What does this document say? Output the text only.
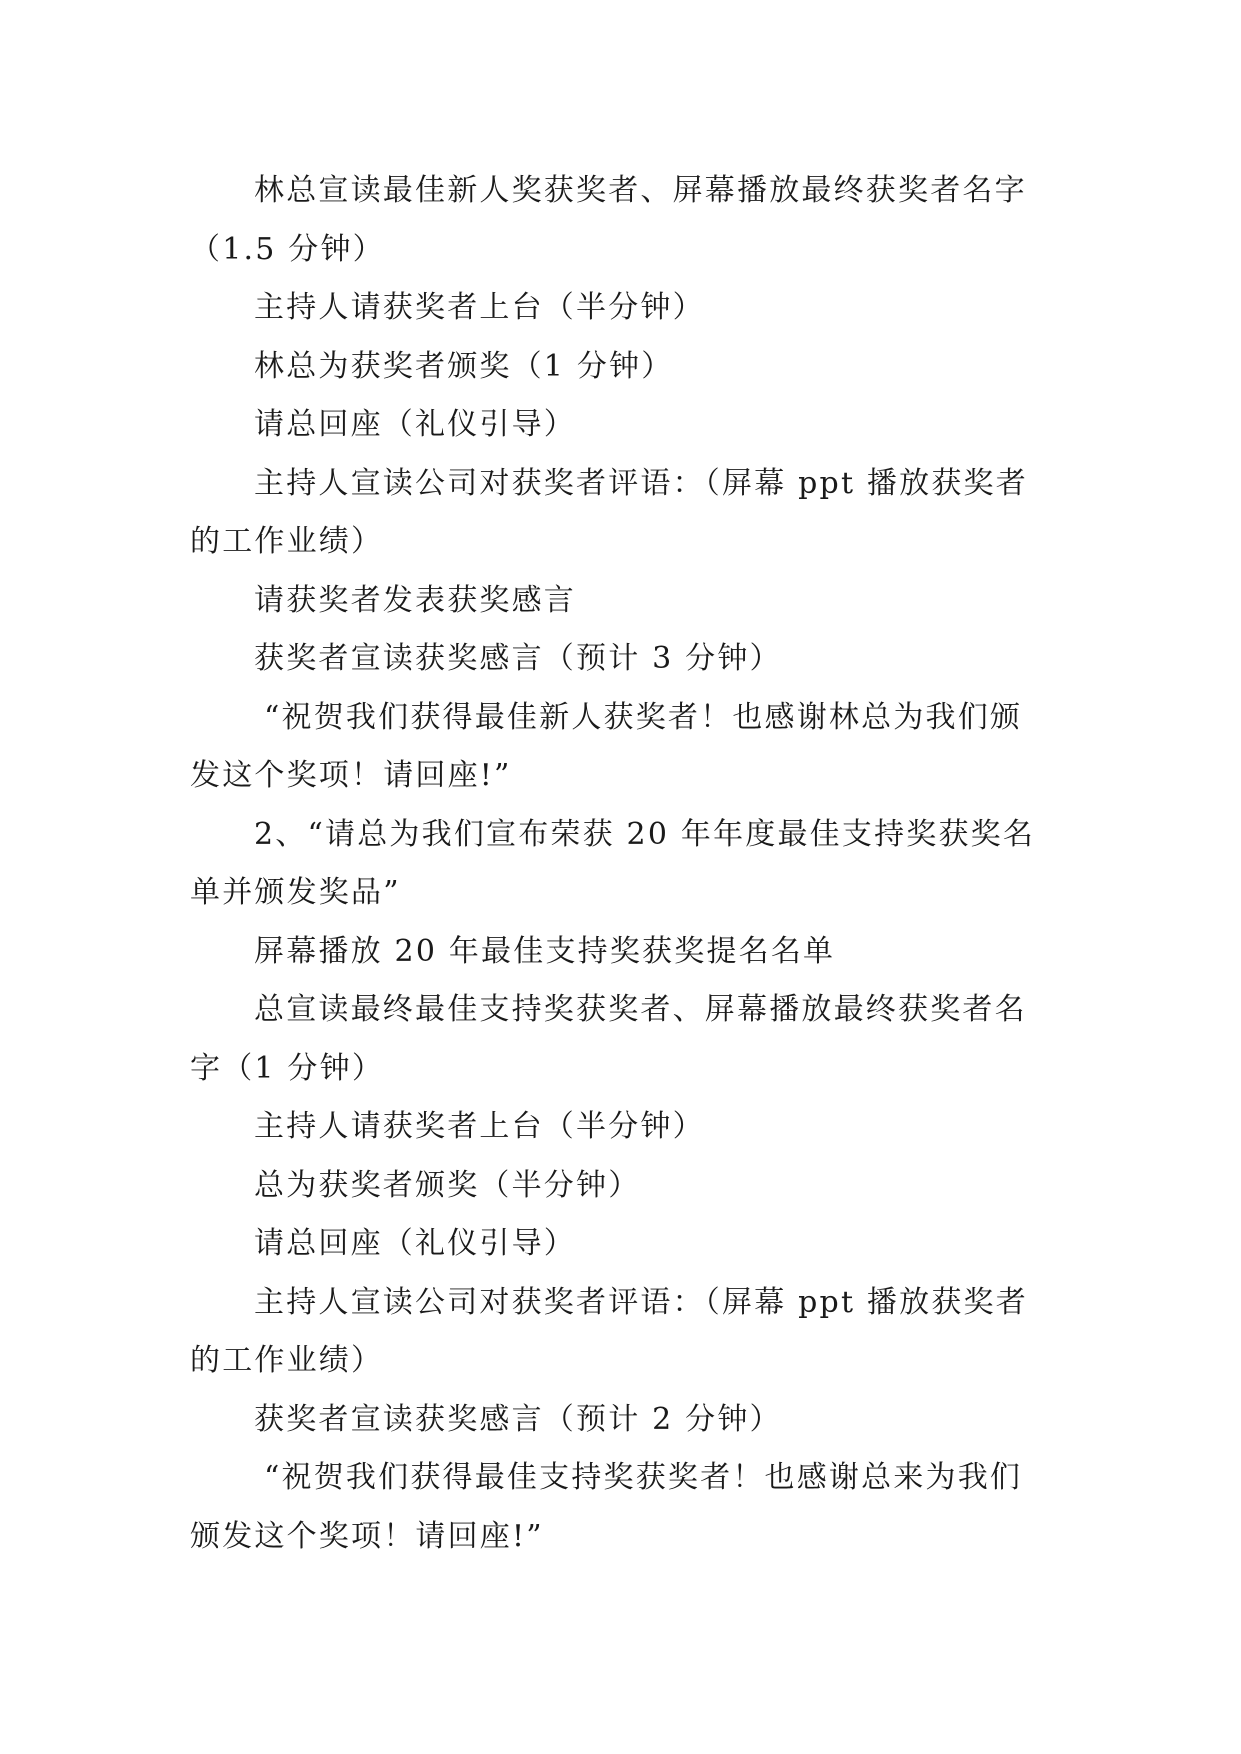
林总宣读最佳新人奖获奖者、屏幕播放最终获奖者名字（1.5 分钟）

主持人请获奖者上台（半分钟）

林总为获奖者颁奖（1 分钟）

请总回座（礼仪引导）

主持人宣读公司对获奖者评语：（屏幕 ppt 播放获奖者的工作业绩）

请获奖者发表获奖感言

获奖者宣读获奖感言（预计 3 分钟）

“祝贺我们获得最佳新人获奖者！也感谢林总为我们颁发这个奖项！请回座!”

2、“请总为我们宣布荣获 20 年年度最佳支持奖获奖名单并颁发奖品”

屏幕播放 20 年最佳支持奖获奖提名名单

总宣读最终最佳支持奖获奖者、屏幕播放最终获奖者名字（1 分钟）

主持人请获奖者上台（半分钟）

总为获奖者颁奖（半分钟）

请总回座（礼仪引导）

主持人宣读公司对获奖者评语：（屏幕 ppt 播放获奖者的工作业绩）

获奖者宣读获奖感言（预计 2 分钟）

“祝贺我们获得最佳支持奖获奖者！也感谢总来为我们颁发这个奖项！请回座!”
